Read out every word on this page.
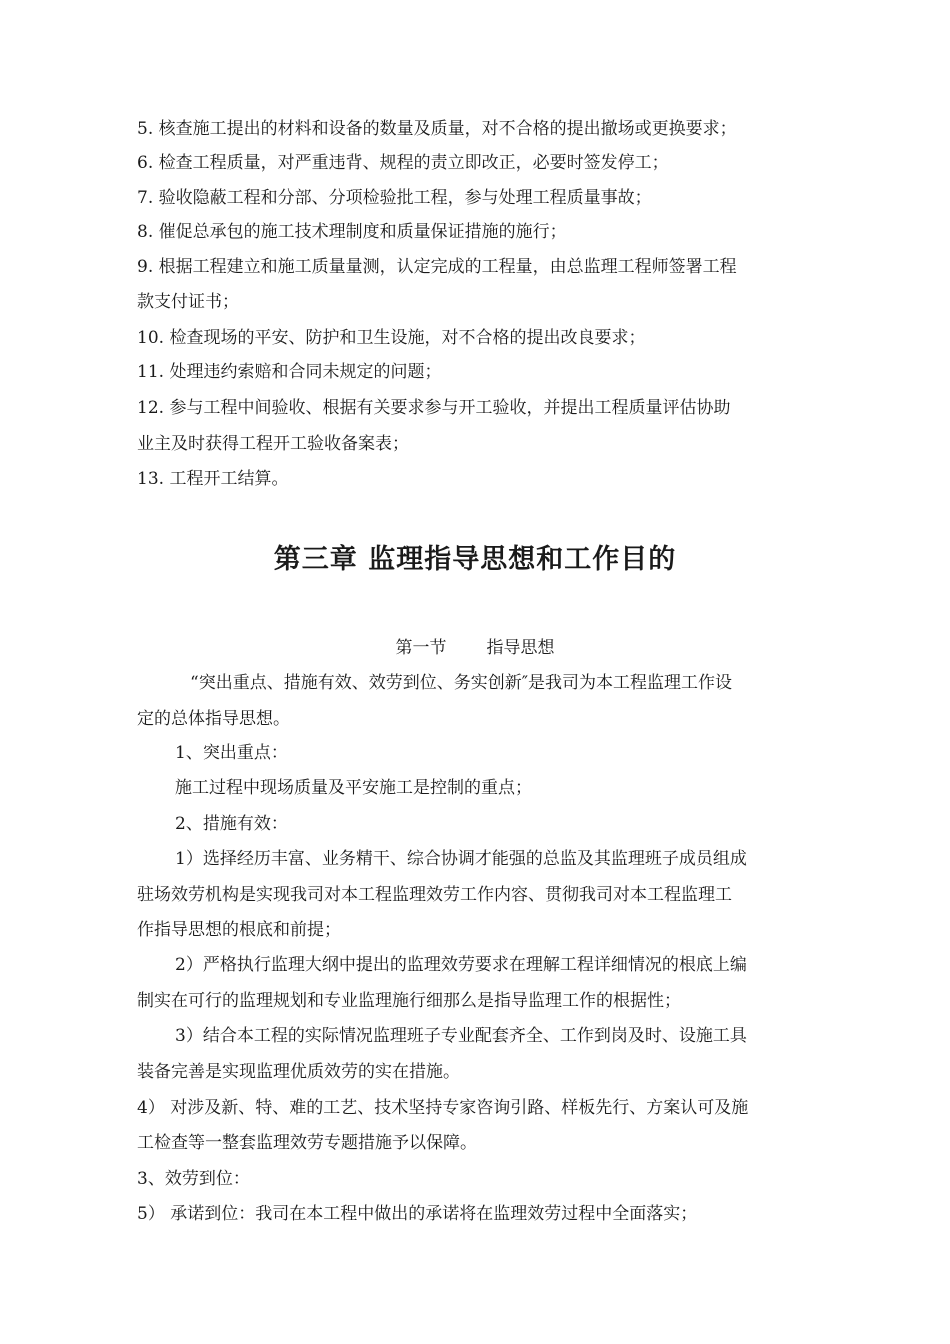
5. 核查施工提出的材料和设备的数量及质量，对不合格的提出撤场或更换要求；
6. 检查工程质量，对严重违背、规程的责立即改正，必要时签发停工；
7. 验收隐蔽工程和分部、分项检验批工程，参与处理工程质量事故；
8. 催促总承包的施工技术理制度和质量保证措施的施行；
9. 根据工程建立和施工质量量测，认定完成的工程量，由总监理工程师签署工程
款支付证书；
10. 检查现场的平安、防护和卫生设施，对不合格的提出改良要求；
11. 处理违约索赔和合同未规定的问题；
12. 参与工程中间验收、根据有关要求参与开工验收，并提出工程质量评估协助
业主及时获得工程开工验收备案表；
13. 工程开工结算。
第三章 监理指导思想和工作目的
第一节 指导思想
“突出重点、措施有效、效劳到位、务实创新″是我司为本工程监理工作设
定的总体指导思想。
1、突出重点：
施工过程中现场质量及平安施工是控制的重点；
2、措施有效：
1）选择经历丰富、业务精干、综合协调才能强的总监及其监理班子成员组成
驻场效劳机构是实现我司对本工程监理效劳工作内容、贯彻我司对本工程监理工
作指导思想的根底和前提；
2）严格执行监理大纲中提出的监理效劳要求在理解工程详细情况的根底上编
制实在可行的监理规划和专业监理施行细那么是指导监理工作的根据性；
3）结合本工程的实际情况监理班子专业配套齐全、工作到岗及时、设施工具
装备完善是实现监理优质效劳的实在措施。
4） 对涉及新、特、难的工艺、技术坚持专家咨询引路、样板先行、方案认可及施
工检查等一整套监理效劳专题措施予以保障。
3、效劳到位：
5） 承诺到位：我司在本工程中做出的承诺将在监理效劳过程中全面落实；
